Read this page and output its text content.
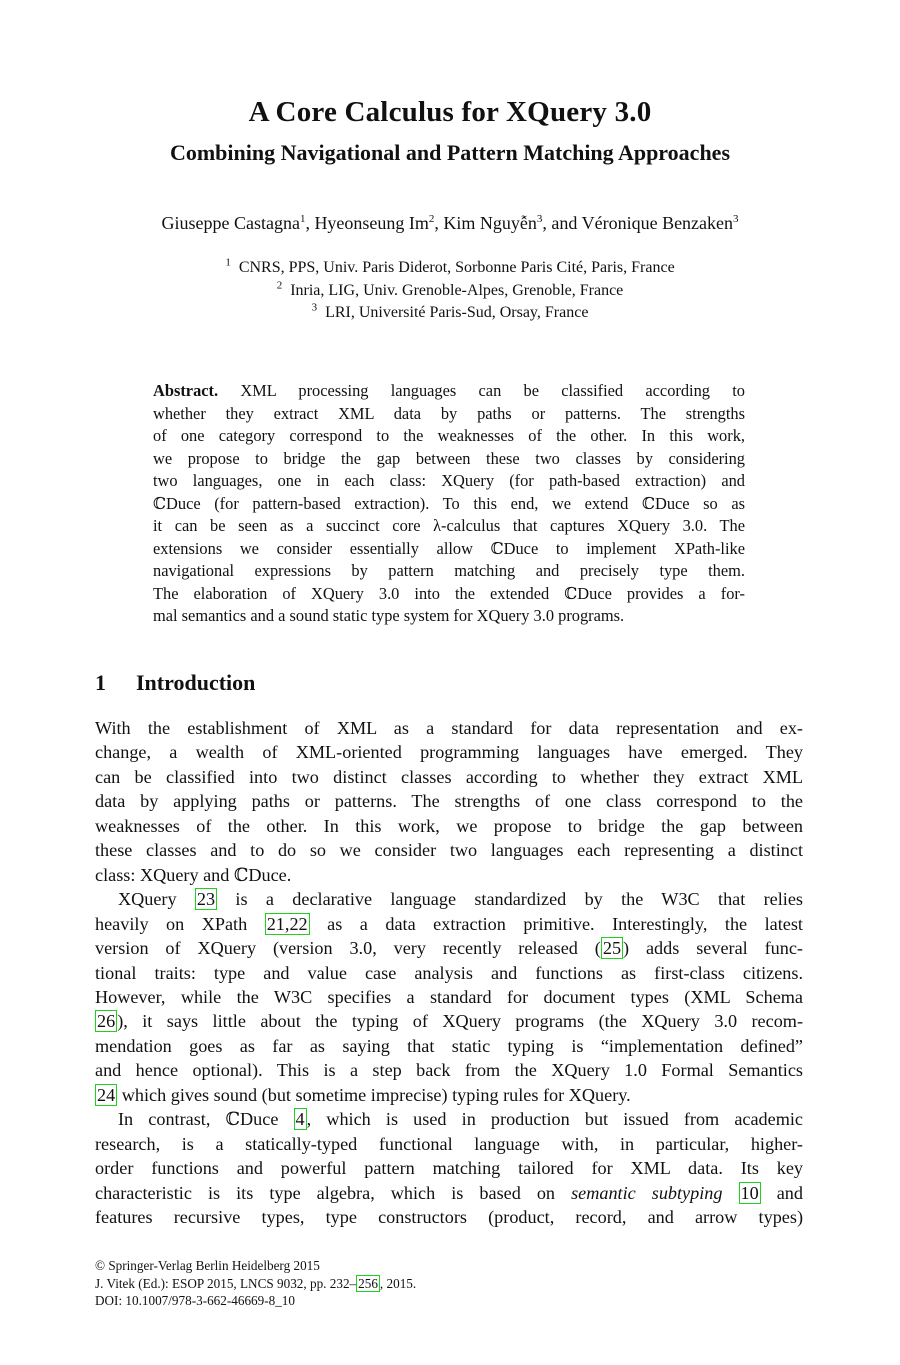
A Core Calculus for XQuery 3.0
Combining Navigational and Pattern Matching Approaches
Giuseppe Castagna$^1$, Hyeonseung Im$^2$, Kim Nguyễn$^3$, and Véronique Benzaken$^3$
$^1$ CNRS, PPS, Univ. Paris Diderot, Sorbonne Paris Cité, Paris, France
$^2$ Inria, LIG, Univ. Grenoble-Alpes, Grenoble, France
$^3$ LRI, Université Paris-Sud, Orsay, France
Abstract. XML processing languages can be classified according to
whether they extract XML data by paths or patterns. The strengths
of one category correspond to the weaknesses of the other. In this work,
we propose to bridge the gap between these two classes by considering
two languages, one in each class: XQuery (for path-based extraction) and
ℂDuce (for pattern-based extraction). To this end, we extend ℂDuce so as
it can be seen as a succinct core λ-calculus that captures XQuery 3.0. The
extensions we consider essentially allow ℂDuce to implement XPath-like
navigational expressions by pattern matching and precisely type them.
The elaboration of XQuery 3.0 into the extended ℂDuce provides a for-
mal semantics and a sound static type system for XQuery 3.0 programs.
1 Introduction
With the establishment of XML as a standard for data representation and ex-
change, a wealth of XML-oriented programming languages have emerged. They
can be classified into two distinct classes according to whether they extract XML
data by applying paths or patterns. The strengths of one class correspond to the
weaknesses of the other. In this work, we propose to bridge the gap between
these classes and to do so we consider two languages each representing a distinct
class: XQuery and ℂDuce.
XQuery 23 is a declarative language standardized by the W3C that relies
heavily on XPath 21,22 as a data extraction primitive. Interestingly, the latest
version of XQuery (version 3.0, very recently released ( 25 ) adds several func-
tional traits: type and value case analysis and functions as first-class citizens.
However, while the W3C specifies a standard for document types (XML Schema
26 ), it says little about the typing of XQuery programs (the XQuery 3.0 recom-
mendation goes as far as saying that static typing is “implementation defined”
and hence optional). This is a step back from the XQuery 1.0 Formal Semantics
24 which gives sound (but sometime imprecise) typing rules for XQuery.
In contrast, ℂDuce 4 , which is used in production but issued from academic
research, is a statically-typed functional language with, in particular, higher-
order functions and powerful pattern matching tailored for XML data. Its key
characteristic is its type algebra, which is based on semantic subtyping 10 and
features recursive types, type constructors (product, record, and arrow types)
© Springer-Verlag Berlin Heidelberg 2015
J. Vitek (Ed.): ESOP 2015, LNCS 9032, pp. 232– 256 , 2015.
DOI: 10.1007/978-3-662-46669-8_10
